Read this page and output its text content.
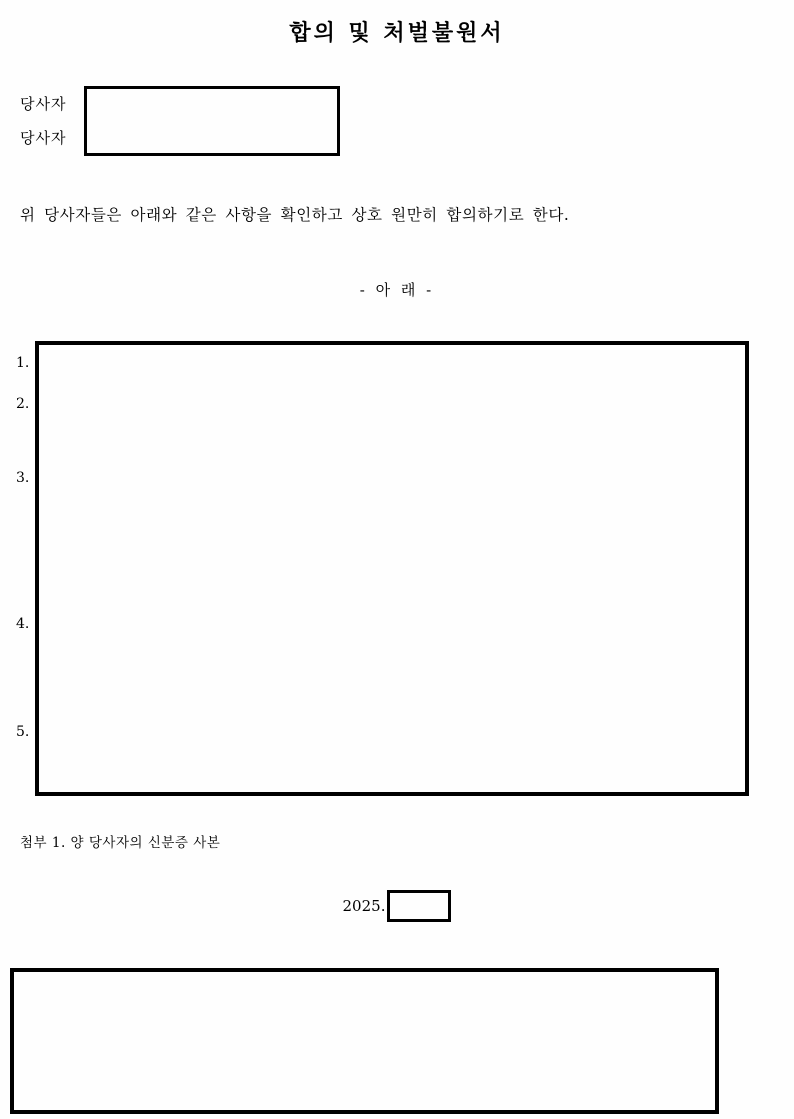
합의 및 처벌불원서
당사자
당사자
위 당사자들은 아래와 같은 사항을 확인하고 상호 원만히 합의하기로 한다.
- 아 래 -
1.
2.
3.
4.
5.
첨부 1. 양 당사자의 신분증 사본
2025.
